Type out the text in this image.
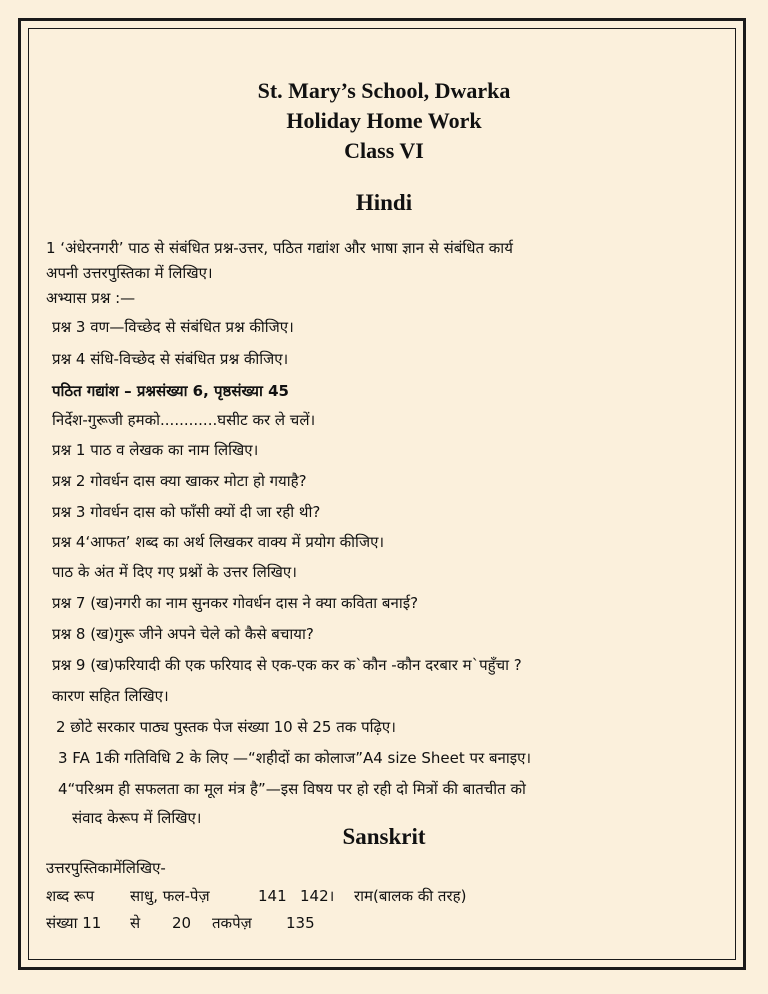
St. Mary’s School, Dwarka
Holiday Home Work
Class VI
Hindi
1 ‘अंधेरनगरी’ पाठ से संबंधित प्रश्न-उत्तर, पठित गद्यांश और भाषा ज्ञान से संबंधित कार्य
अपनी उत्तरपुस्तिका में लिखिए।
अभ्यास प्रश्न :—
प्रश्न 3 वण—विच्छेद से संबंधित प्रश्न कीजिए।
प्रश्न 4 संधि-विच्छेद से संबंधित प्रश्न कीजिए।
पठित गद्यांश – प्रश्नसंख्या 6, पृष्ठसंख्या 45
निर्देश-गुरूजी हमको............घसीट कर ले चलें।
प्रश्न 1 पाठ व लेखक का नाम लिखिए।
प्रश्न 2 गोवर्धन दास क्या खाकर मोटा हो गयाहै?
प्रश्न 3 गोवर्धन दास को फाँसी क्यों दी जा रही थी?
प्रश्न 4‘आफत’ शब्द का अर्थ लिखकर वाक्य में प्रयोग कीजिए।
पाठ के अंत में दिए गए प्रश्नों के उत्तर लिखिए।
प्रश्न 7 (ख)नगरी का नाम सुनकर गोवर्धन दास ने क्या कविता बनाई?
प्रश्न 8 (ख)गुरू जीने अपने चेले को कैसे बचाया?
प्रश्न 9 (ख)फरियादी की एक फरियाद से एक-एक कर क`कौन -कौन दरबार म`पहुँचा ?
कारण सहित लिखिए।
2 छोटे सरकार पाठ्य पुस्तक पेज संख्या 10 से 25 तक पढ़िए।
3 FA 1की गतिविधि 2 के लिए —“शहीदों का कोलाज”A4 size Sheet पर बनाइए।
4“परिश्रम ही सफलता का मूल मंत्र है”—इस विषय पर हो रही दो मित्रों की बातचीत को
संवाद केरूप में लिखिए।
Sanskrit
उत्तरपुस्तिकामेंलिखिए-
शब्द रूप साधु, फल-पेज़	141 142। राम(बालक की तरह)
संख्या 11 से 20 तकपेज़ 135
